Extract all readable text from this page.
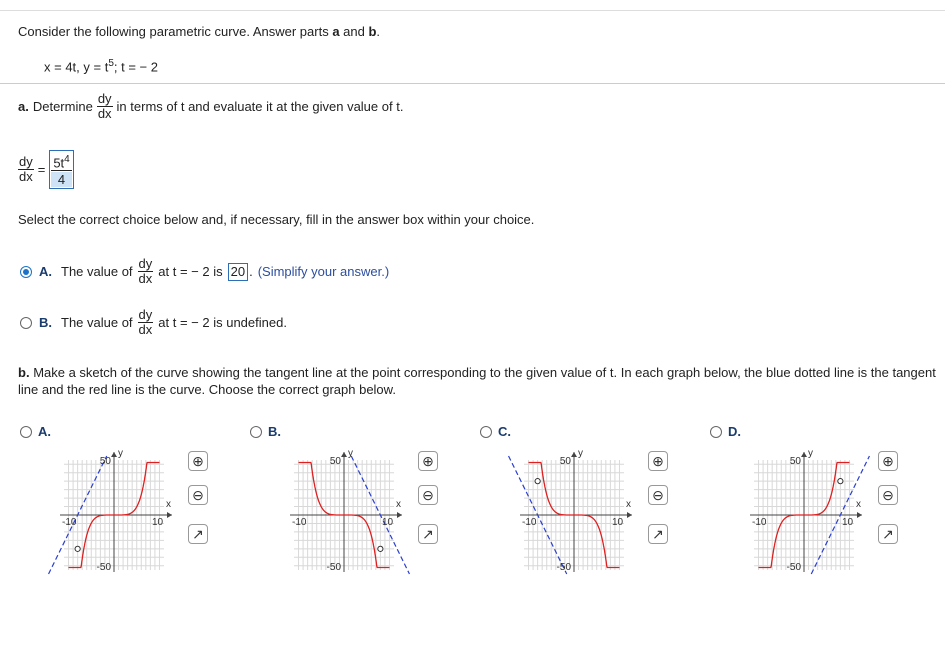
Consider the following parametric curve. Answer parts a and b.
x = 4t, $y = t^5$; t = − 2
a. Determine $\frac{dy}{dx}$ in terms of t and evaluate it at the given value of t.
$\frac{dy}{dx} = \frac{5t^4}{4}$
Select the correct choice below and, if necessary, fill in the answer box within your choice.
A. The value of $\frac{dy}{dx}$ at t = − 2 is 20 . (Simplify your answer.)
B. The value of $\frac{dy}{dx}$ at t = − 2 is undefined.
b. Make a sketch of the curve showing the tangent line at the point corresponding to the given value of t. In each graph below, the blue dotted line is the tangent line and the red line is the curve. Choose the correct graph below.
A.
50
-50
-10	10
x
y	⊕
⊖
↗
B.
50
-50
-10	10
x
y	⊕
⊖
↗
C.
50
-50
-10	10
x
y	⊕
⊖
↗
D.
50
-50
-10	10
x
y	⊕
⊖
↗
